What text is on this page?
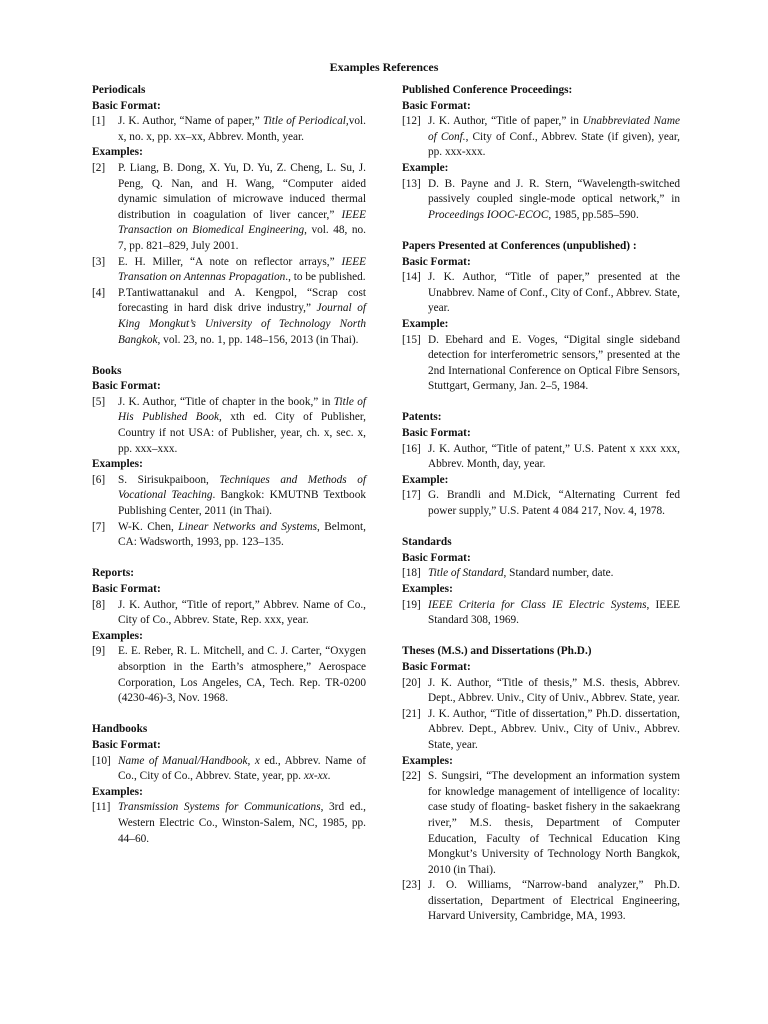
Examples References
Periodicals
Basic Format:
[1] J. K. Author, “Name of paper,” Title of Periodical,vol. x, no. x, pp. xx–xx, Abbrev. Month, year.
Examples:
[2] P. Liang, B. Dong, X. Yu, D. Yu, Z. Cheng, L. Su, J. Peng, Q. Nan, and H. Wang, “Computer aided dynamic simulation of microwave induced thermal distribution in coagulation of liver cancer,” IEEE Transaction on Biomedical Engineering, vol. 48, no. 7, pp. 821–829, July 2001.
[3] E. H. Miller, “A note on reflector arrays,” IEEE Transation on Antennas Propagation., to be published.
[4] P.Tantiwattanakul and A. Kengpol, “Scrap cost forecasting in hard disk drive industry,” Journal of King Mongkut’s University of Technology North Bangkok, vol. 23, no. 1, pp. 148–156, 2013 (in Thai).
Books
Basic Format:
[5] J. K. Author, “Title of chapter in the book,” in Title of His Published Book, xth ed. City of Publisher, Country if not USA: of Publisher, year, ch. x, sec. x, pp. xxx–xxx.
Examples:
[6] S. Sirisukpaiboon, Techniques and Methods of Vocational Teaching. Bangkok: KMUTNB Textbook Publishing Center, 2011 (in Thai).
[7] W-K. Chen, Linear Networks and Systems, Belmont, CA: Wadsworth, 1993, pp. 123–135.
Reports:
Basic Format:
[8] J. K. Author, “Title of report,” Abbrev. Name of Co., City of Co., Abbrev. State, Rep. xxx, year.
Examples:
[9] E. E. Reber, R. L. Mitchell, and C. J. Carter, “Oxygen absorption in the Earth’s atmosphere,” Aerospace Corporation, Los Angeles, CA, Tech. Rep. TR-0200 (4230-46)-3, Nov. 1968.
Handbooks
Basic Format:
[10] Name of Manual/Handbook, x ed., Abbrev. Name of Co., City of Co., Abbrev. State, year, pp. xx-xx.
Examples:
[11] Transmission Systems for Communications, 3rd ed., Western Electric Co., Winston-Salem, NC, 1985, pp. 44–60.
Published Conference Proceedings:
Basic Format:
[12] J. K. Author, “Title of paper,” in Unabbreviated Name of Conf., City of Conf., Abbrev. State (if given), year, pp. xxx-xxx.
Example:
[13] D. B. Payne and J. R. Stern, “Wavelength-switched passively coupled single-mode optical network,” in Proceedings IOOC-ECOC, 1985, pp.585–590.
Papers Presented at Conferences (unpublished) :
Basic Format:
[14] J. K. Author, “Title of paper,” presented at the Unabbrev. Name of Conf., City of Conf., Abbrev. State, year.
Example:
[15] D. Ebehard and E. Voges, “Digital single sideband detection for interferometric sensors,” presented at the 2nd International Conference on Optical Fibre Sensors, Stuttgart, Germany, Jan. 2–5, 1984.
Patents:
Basic Format:
[16] J. K. Author, “Title of patent,” U.S. Patent x xxx xxx, Abbrev. Month, day, year.
Example:
[17] G. Brandli and M.Dick, “Alternating Current fed power supply,” U.S. Patent 4 084 217, Nov. 4, 1978.
Standards
Basic Format:
[18] Title of Standard, Standard number, date.
Examples:
[19] IEEE Criteria for Class IE Electric Systems, IEEE Standard 308, 1969.
Theses (M.S.) and Dissertations (Ph.D.)
Basic Format:
[20] J. K. Author, “Title of thesis,” M.S. thesis, Abbrev. Dept., Abbrev. Univ., City of Univ., Abbrev. State, year.
[21] J. K. Author, “Title of dissertation,” Ph.D. dissertation, Abbrev. Dept., Abbrev. Univ., City of Univ., Abbrev. State, year.
Examples:
[22] S. Sungsiri, “The development an information system for knowledge management of intelligence of locality: case study of floating- basket fishery in the sakaekrang river,” M.S. thesis, Department of Computer Education, Faculty of Technical Education King Mongkut’s University of Technology North Bangkok, 2010 (in Thai).
[23] J. O. Williams, “Narrow-band analyzer,” Ph.D. dissertation, Department of Electrical Engineering, Harvard University, Cambridge, MA, 1993.
